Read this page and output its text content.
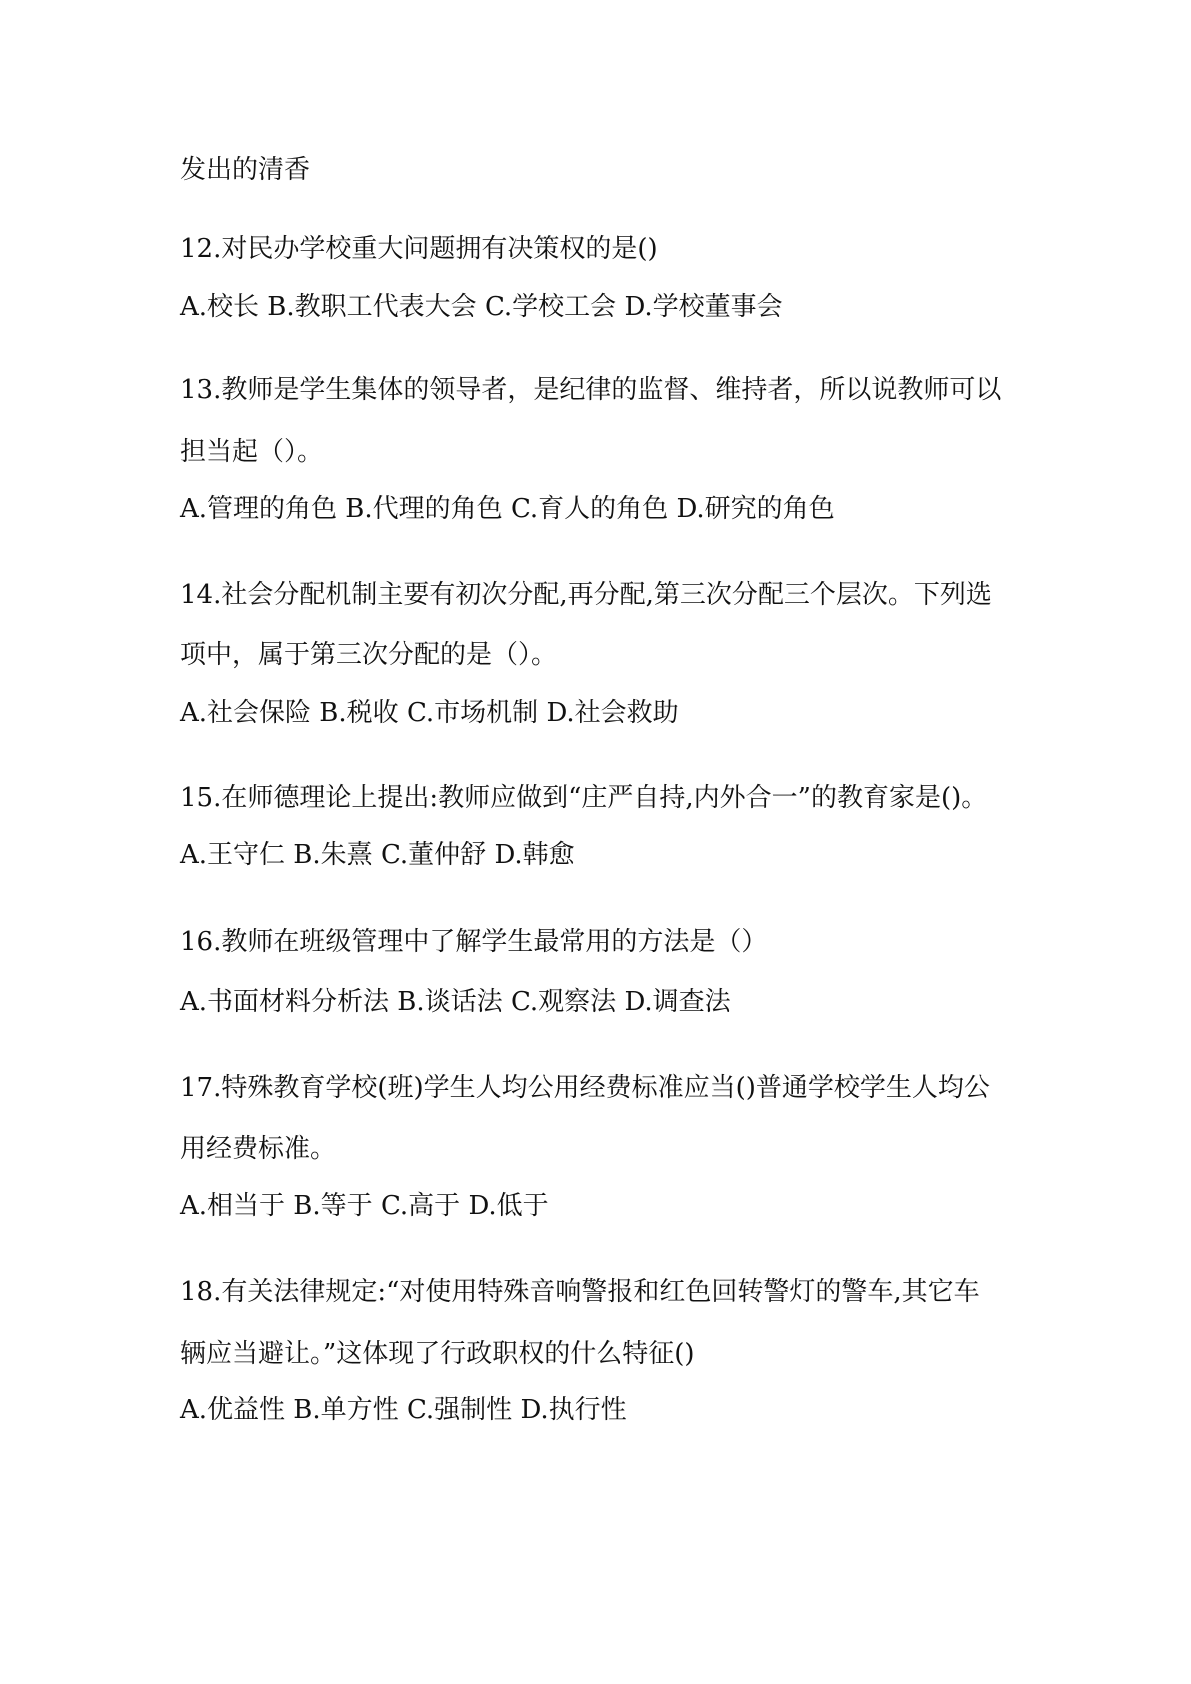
发出的清香
12.对民办学校重大问题拥有决策权的是()
A.校长 B.教职工代表大会 C.学校工会 D.学校董事会
13.教师是学生集体的领导者，是纪律的监督、维持者，所以说教师可以
担当起（）。
A.管理的角色 B.代理的角色 C.育人的角色 D.研究的角色
14.社会分配机制主要有初次分配,再分配,第三次分配三个层次。下列选
项中，属于第三次分配的是（）。
A.社会保险 B.税收 C.市场机制 D.社会救助
15.在师德理论上提出:教师应做到“庄严自持,内外合一”的教育家是()。
A.王守仁 B.朱熹 C.董仲舒 D.韩愈
16.教师在班级管理中了解学生最常用的方法是（）
A.书面材料分析法 B.谈话法 C.观察法 D.调查法
17.特殊教育学校(班)学生人均公用经费标准应当()普通学校学生人均公
用经费标准。
A.相当于 B.等于 C.高于 D.低于
18.有关法律规定:“对使用特殊音响警报和红色回转警灯的警车,其它车
辆应当避让。”这体现了行政职权的什么特征()
A.优益性 B.单方性 C.强制性 D.执行性
